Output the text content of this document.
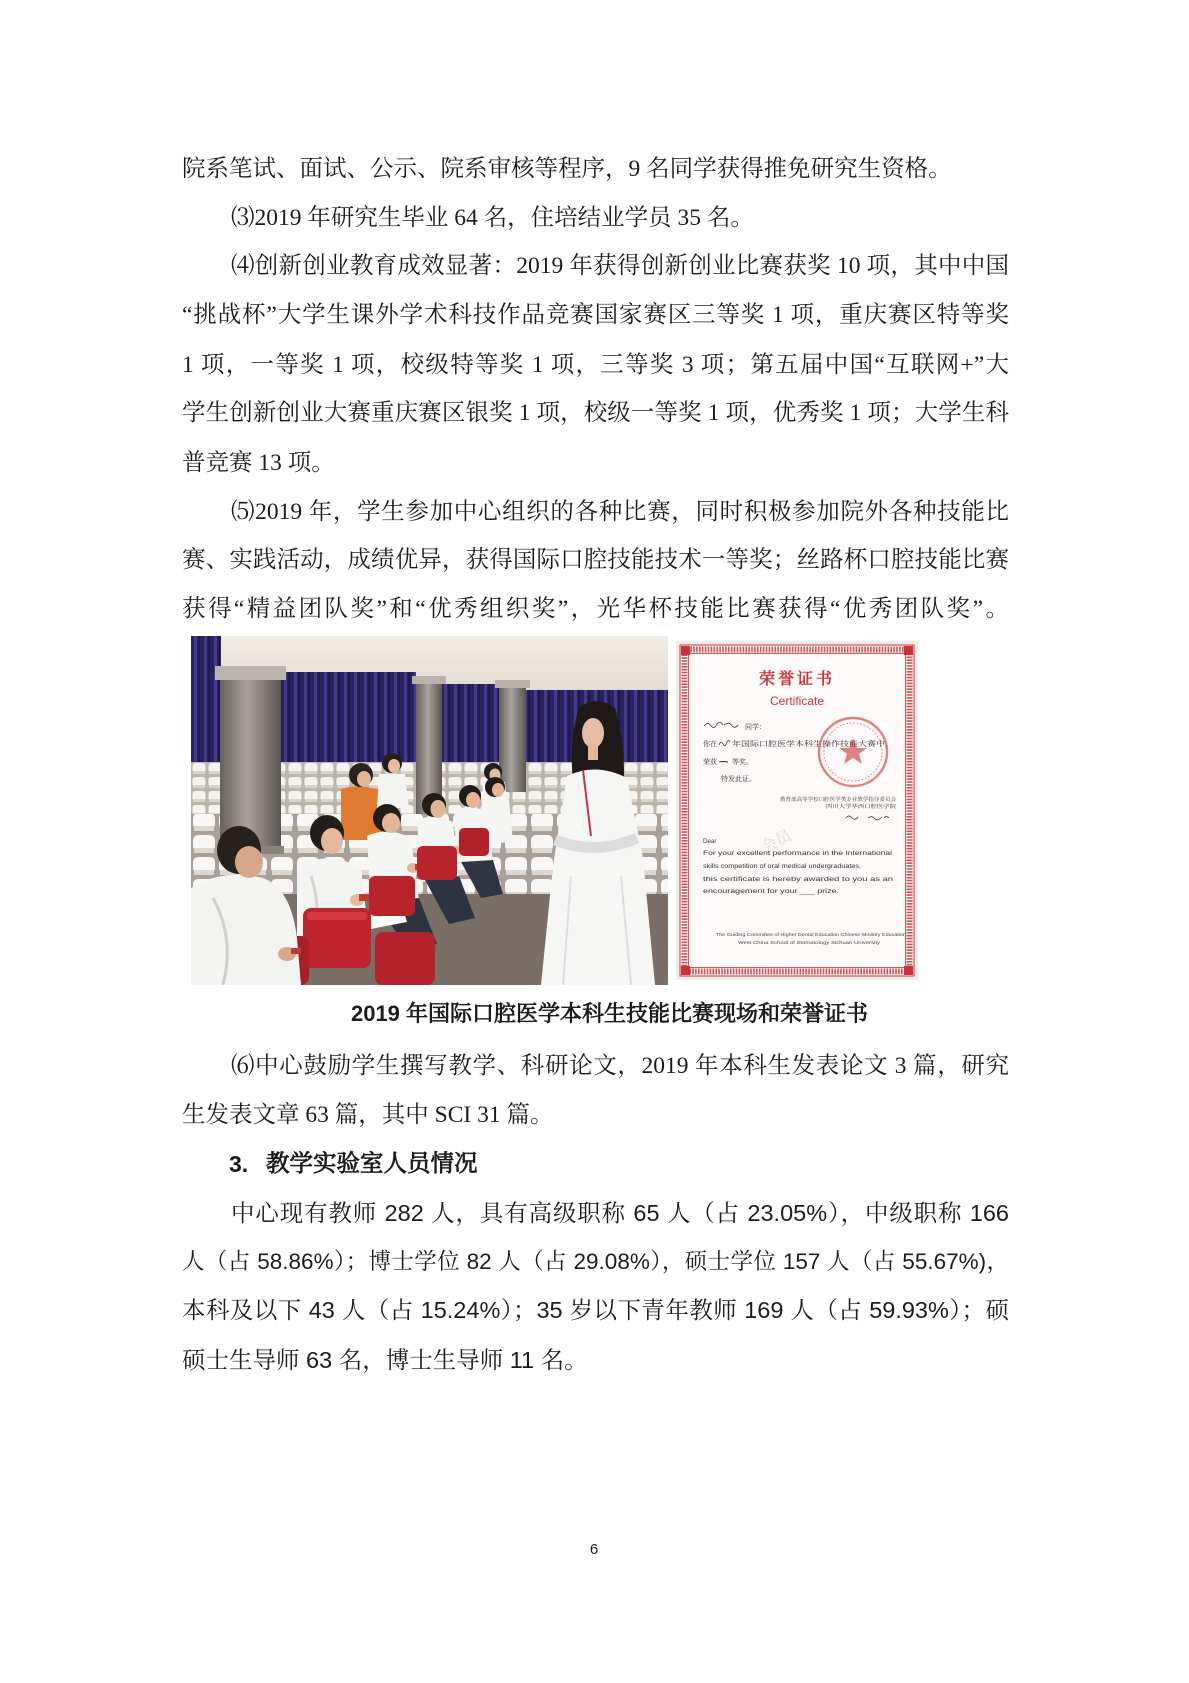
院系笔试、面试、公示、院系审核等程序，9 名同学获得推免研究生资格。
⑶2019 年研究生毕业 64 名，住培结业学员 35 名。
⑷创新创业教育成效显著：2019 年获得创新创业比赛获奖 10 项，其中中国
“挑战杯”大学生课外学术科技作品竞赛国家赛区三等奖 1 项，重庆赛区特等奖
1 项，一等奖 1 项，校级特等奖 1 项，三等奖 3 项；第五届中国“互联网+”大
学生创新创业大赛重庆赛区银奖 1 项，校级一等奖 1 项，优秀奖 1 项；大学生科
普竞赛 13 项。
⑸2019 年，学生参加中心组织的各种比赛，同时积极参加院外各种技能比
赛、实践活动，成绩优异，获得国际口腔技能技术一等奖；丝路杯口腔技能比赛
获得“精益团队奖”和“优秀组织奖”，光华杯技能比赛获得“优秀团队奖”。
荣誉证书
Certificate
同学：
你在 年国际口腔医学本科生操作技能大赛中，
荣获 等奖。
特发此证。
教育部高等学校口腔医学类专业教学指导委员会
四川大学华西口腔医学院
会员
Dear
For your excellent performance in the International
skills competition of oral medical undergraduates,
this certificate is hereby awarded to you as an
encouragement for your ___ prize.
The Guiding Committee of Higher Dental Education Chinese Ministry Education
West China School of Stomatology Sichuan University
2019 年国际口腔医学本科生技能比赛现场和荣誉证书
⑹中心鼓励学生撰写教学、科研论文，2019 年本科生发表论文 3 篇，研究
生发表文章 63 篇，其中 SCI 31 篇。
3. 教学实验室人员情况
中心现有教师 282 人，具有高级职称 65 人（占 23.05%），中级职称 166
人（占 58.86%）；博士学位 82 人（占 29.08%），硕士学位 157 人（占 55.67%)，
本科及以下 43 人（占 15.24%）；35 岁以下青年教师 169 人（占 59.93%）；硕
硕士生导师 63 名，博士生导师 11 名。
6
